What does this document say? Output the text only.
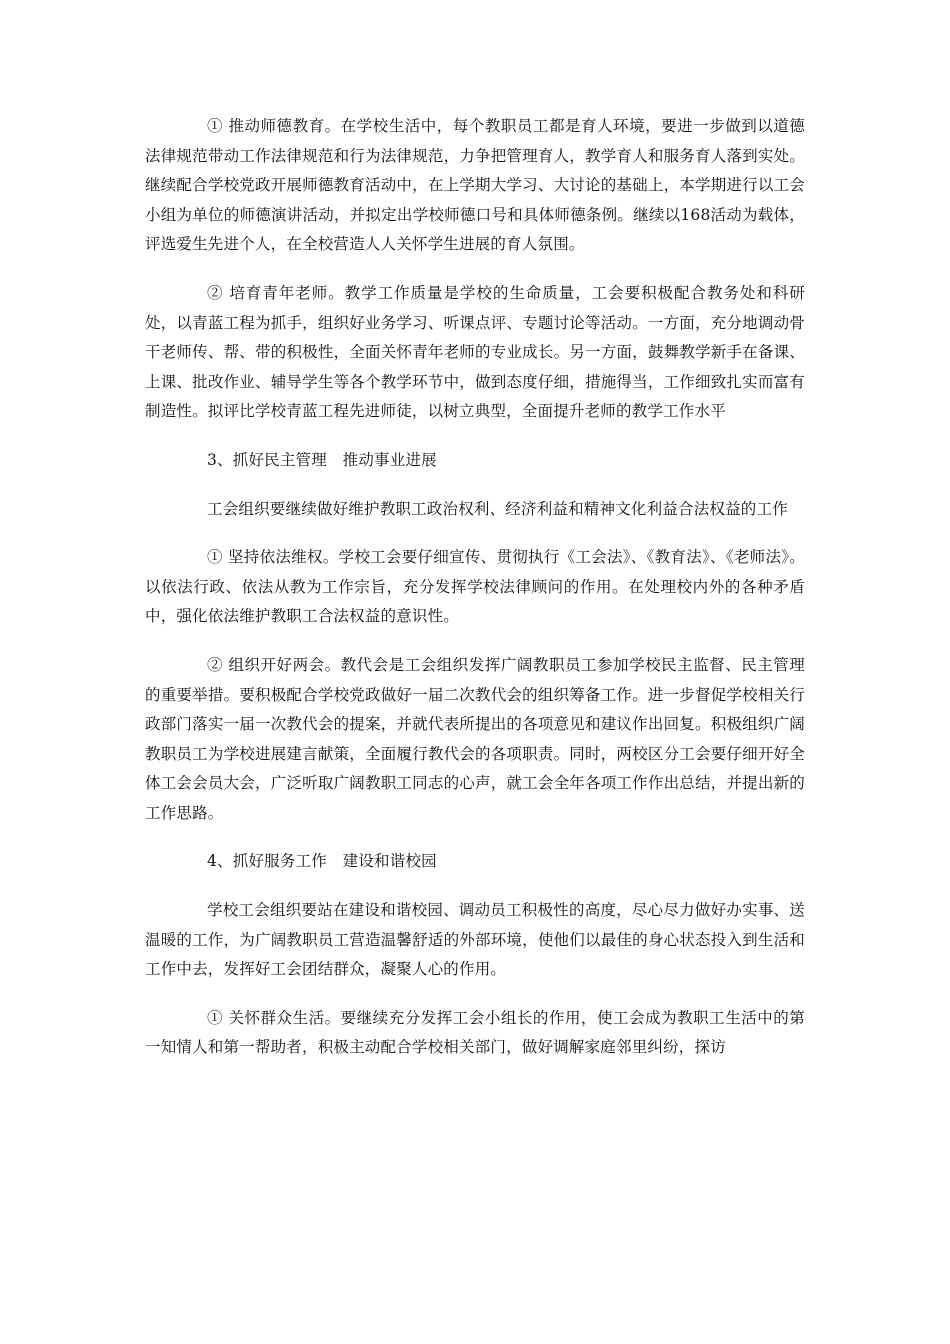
① 推动师德教育。在学校生活中，每个教职员工都是育人环境，要进一步做到以道德法律规范带动工作法律规范和行为法律规范，力争把管理育人，教学育人和服务育人落到实处。继续配合学校党政开展师德教育活动中，在上学期大学习、大讨论的基础上，本学期进行以工会小组为单位的师德演讲活动，并拟定出学校师德口号和具体师德条例。继续以168活动为载体，评选爱生先进个人，在全校营造人人关怀学生进展的育人氛围。

② 培育青年老师。教学工作质量是学校的生命质量，工会要积极配合教务处和科研处，以青蓝工程为抓手，组织好业务学习、听课点评、专题讨论等活动。一方面，充分地调动骨干老师传、帮、带的积极性，全面关怀青年老师的专业成长。另一方面，鼓舞教学新手在备课、上课、批改作业、辅导学生等各个教学环节中，做到态度仔细，措施得当，工作细致扎实而富有制造性。拟评比学校青蓝工程先进师徒，以树立典型，全面提升老师的教学工作水平

3、抓好民主管理　推动事业进展

工会组织要继续做好维护教职工政治权利、经济利益和精神文化利益合法权益的工作

① 坚持依法维权。学校工会要仔细宣传、贯彻执行《工会法》、《教育法》、《老师法》。以依法行政、依法从教为工作宗旨，充分发挥学校法律顾问的作用。在处理校内外的各种矛盾中，强化依法维护教职工合法权益的意识性。

② 组织开好两会。教代会是工会组织发挥广阔教职员工参加学校民主监督、民主管理的重要举措。要积极配合学校党政做好一届二次教代会的组织筹备工作。进一步督促学校相关行政部门落实一届一次教代会的提案，并就代表所提出的各项意见和建议作出回复。积极组织广阔教职员工为学校进展建言献策，全面履行教代会的各项职责。同时，两校区分工会要仔细开好全体工会会员大会，广泛听取广阔教职工同志的心声，就工会全年各项工作作出总结，并提出新的工作思路。

4、抓好服务工作　建设和谐校园

学校工会组织要站在建设和谐校园、调动员工积极性的高度，尽心尽力做好办实事、送温暖的工作，为广阔教职员工营造温馨舒适的外部环境，使他们以最佳的身心状态投入到生活和工作中去，发挥好工会团结群众，凝聚人心的作用。

① 关怀群众生活。要继续充分发挥工会小组长的作用，使工会成为教职工生活中的第一知情人和第一帮助者，积极主动配合学校相关部门，做好调解家庭邻里纠纷，探访
